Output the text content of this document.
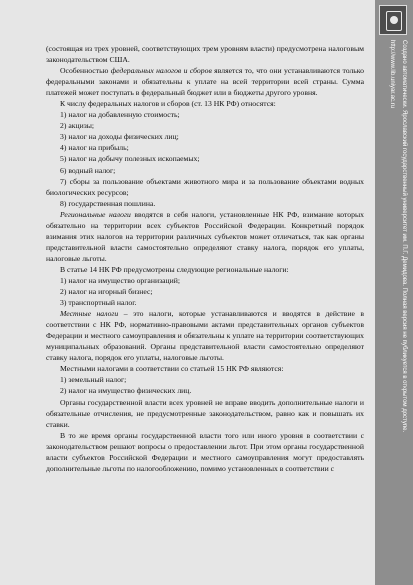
(состоящая из трех уровней, соответствующих трем уровням власти) предусмотрена налоговым законодательством США.

Особенностью федеральных налогов и сборов является то, что они устанавливаются только федеральными законами и обязательны к уплате на всей территории всей страны. Сумма платежей может поступать в федеральный бюджет или в бюджеты другого уровня.

К числу федеральных налогов и сборов (ст. 13 НК РФ) относятся:

1) налог на добавленную стоимость;

2) акцизы;

3) налог на доходы физических лиц;

4) налог на прибыль;

5) налог на добычу полезных ископаемых;

6) водный налог;

7) сборы за пользование объектами животного мира и за пользование объектами водных биологических ресурсов;

8) государственная пошлина.

Региональные налоги вводятся в себя налоги, установленные НК РФ, взимание которых обязательно на территории всех субъектов Российской Федерации. Конкретный порядок взимания этих налогов на территории различных субъектов может отличаться, так как органы представительной власти самостоятельно определяют ставку налога, порядок его уплаты, налоговые льготы.

В статье 14 НК РФ предусмотрены следующие региональные налоги:

1) налог на имущество организаций;

2) налог на игорный бизнес;

3) транспортный налог.

Местные налоги – это налоги, которые устанавливаются и вводятся в действие в соответствии с НК РФ, нормативно-правовыми актами представительных органов субъектов Федерации и местного самоуправления и обязательны к уплате на территории соответствующих муниципальных образований. Органы представительной власти самостоятельно определяют ставку налога, порядок его уплаты, налоговые льготы.

Местными налогами в соответствии со статьей 15 НК РФ являются:

1) земельный налог;

2) налог на имущество физических лиц.

Органы государственной власти всех уровней не вправе вводить дополнительные налоги и обязательные отчисления, не предусмотренные законодательством, равно как и повышать их ставки.

В то же время органы государственной власти того или иного уровня в соответствии с законодательством решают вопросы о предоставлении льгот. При этом органы государственной власти субъектов Российской Федерации и местного самоуправления могут предоставлять дополнительные льготы по налогообложению, помимо установленных в соответствии с

Создано автоматически. Ярославский государственный университет им. П.Г. Демидова. Полная версия не публикуется в открытом доступе.
http://www.lib.uniyar.ac.ru
